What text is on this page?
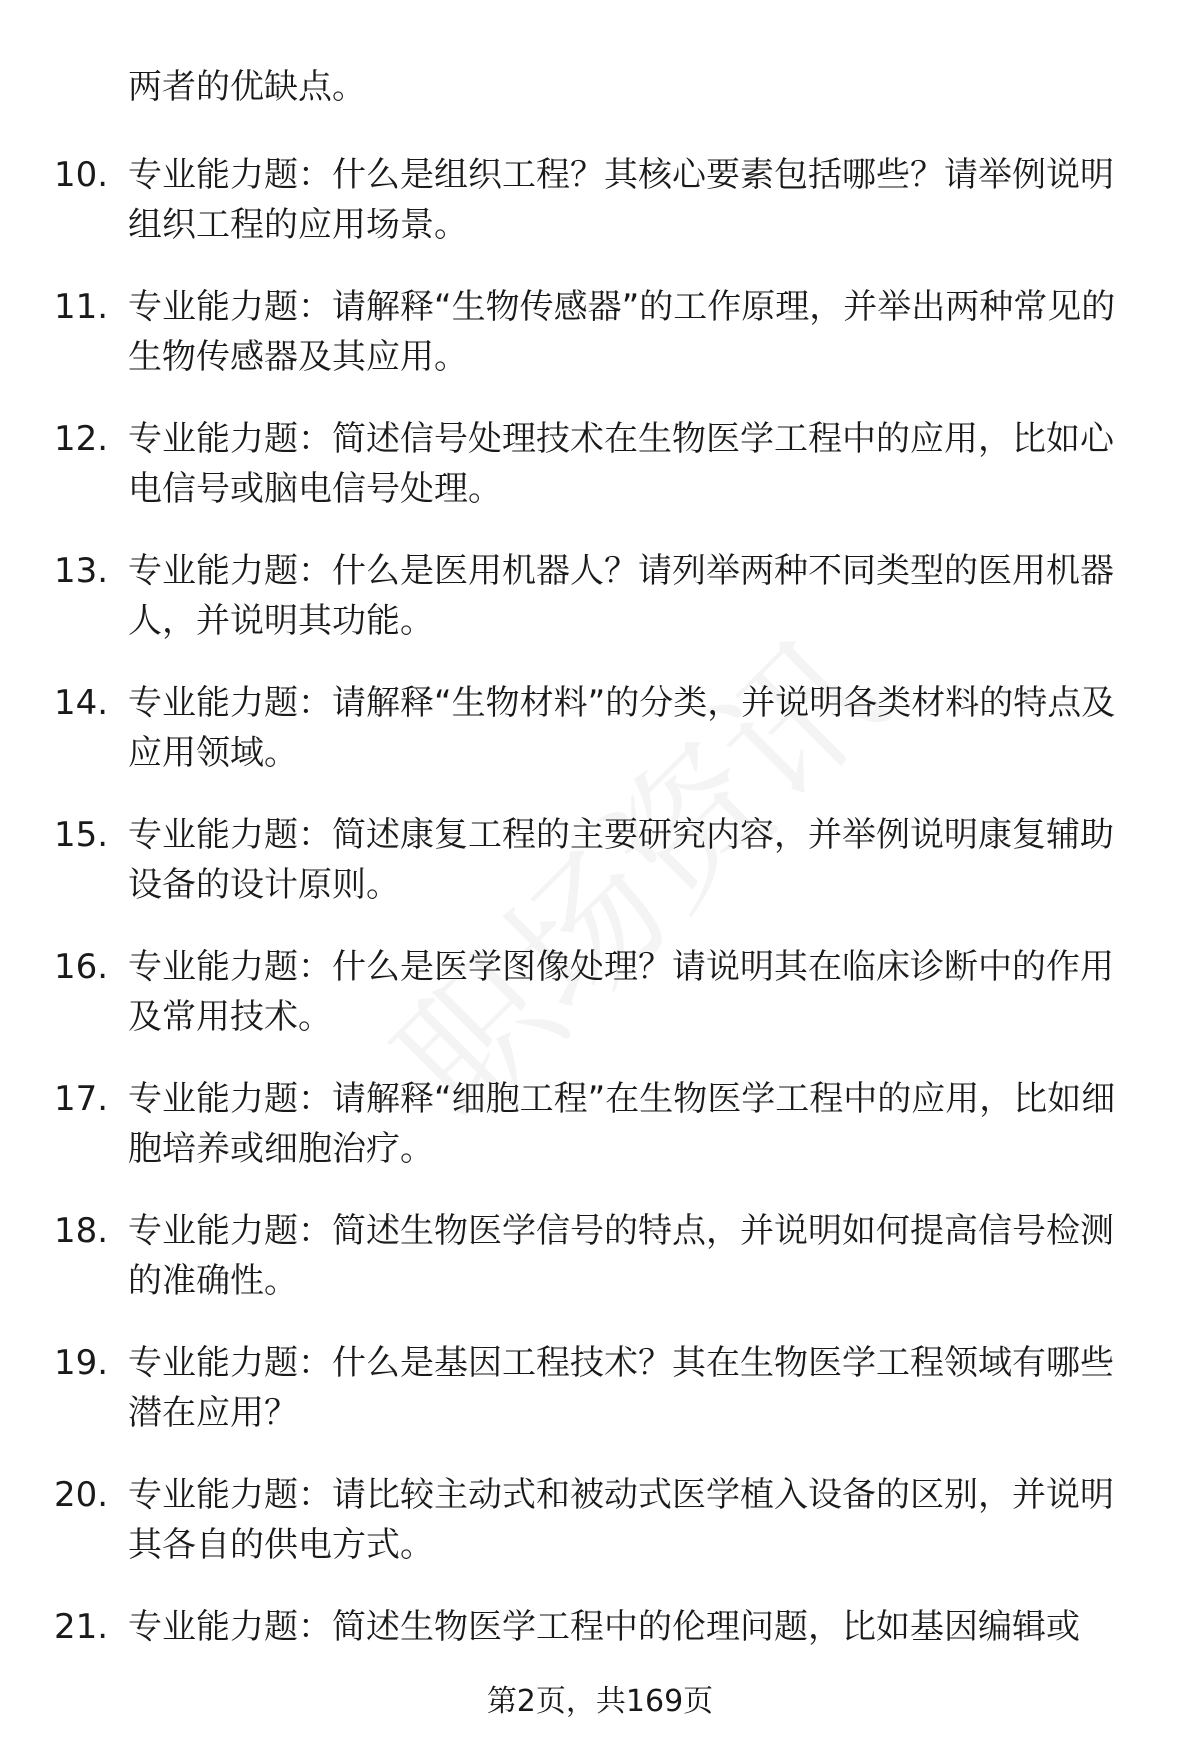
两者的优缺点。

10. 专业能力题：什么是组织工程？其核心要素包括哪些？请举例说明组织工程的应用场景。
11. 专业能力题：请解释“生物传感器”的工作原理，并举出两种常见的生物传感器及其应用。
12. 专业能力题：简述信号处理技术在生物医学工程中的应用，比如心电信号或脑电信号处理。
13. 专业能力题：什么是医用机器人？请列举两种不同类型的医用机器人，并说明其功能。
14. 专业能力题：请解释“生物材料”的分类，并说明各类材料的特点及应用领域。
15. 专业能力题：简述康复工程的主要研究内容，并举例说明康复辅助设备的设计原则。
16. 专业能力题：什么是医学图像处理？请说明其在临床诊断中的作用及常用技术。
17. 专业能力题：请解释“细胞工程”在生物医学工程中的应用，比如细胞培养或细胞治疗。
18. 专业能力题：简述生物医学信号的特点，并说明如何提高信号检测的准确性。
19. 专业能力题：什么是基因工程技术？其在生物医学工程领域有哪些潜在应用？
20. 专业能力题：请比较主动式和被动式医学植入设备的区别，并说明其各自的供电方式。
21. 专业能力题：简述生物医学工程中的伦理问题，比如基因编辑或
第2页，共169页
